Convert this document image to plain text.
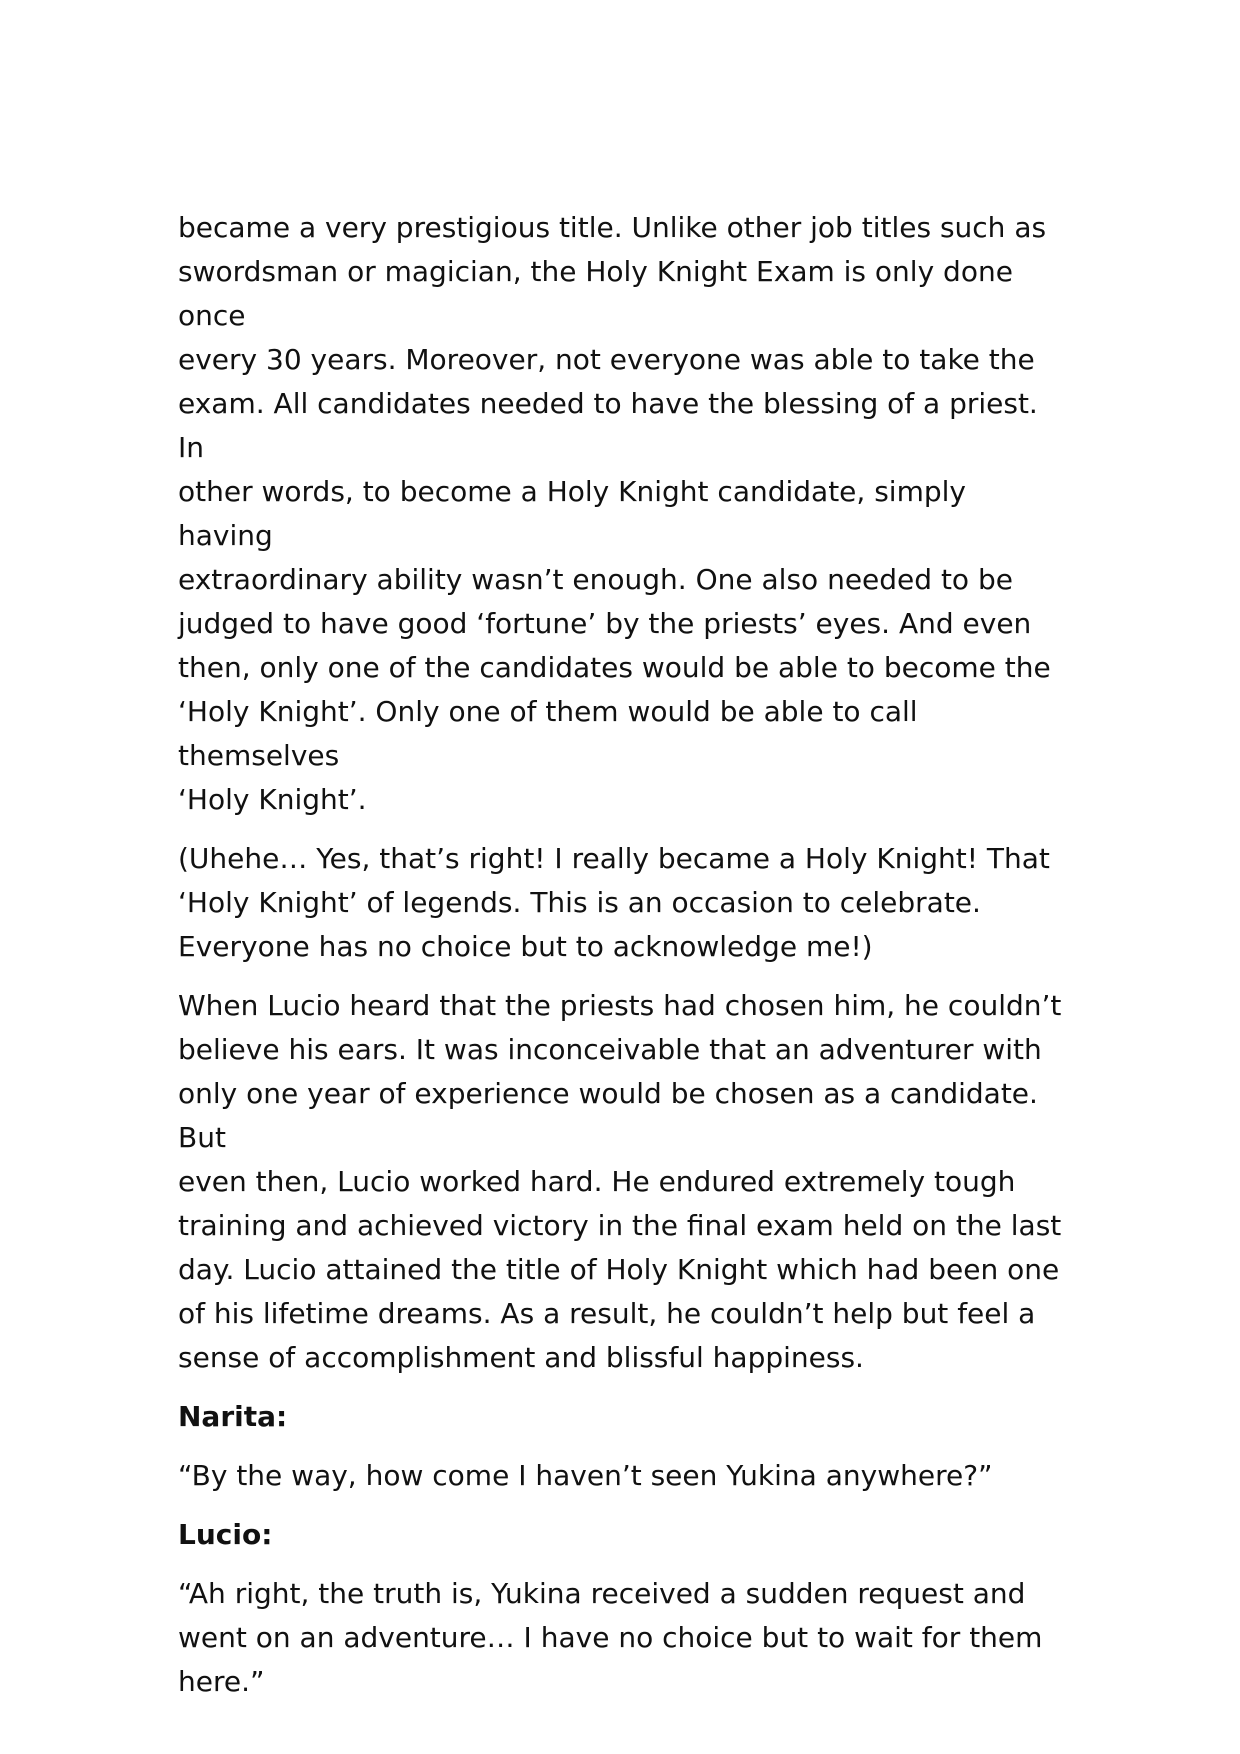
became a very prestigious title. Unlike other job titles such as
swordsman or magician, the Holy Knight Exam is only done once
every 30 years. Moreover, not everyone was able to take the
exam. All candidates needed to have the blessing of a priest. In
other words, to become a Holy Knight candidate, simply having
extraordinary ability wasn’t enough. One also needed to be
judged to have good ‘fortune’ by the priests’ eyes. And even
then, only one of the candidates would be able to become the
‘Holy Knight’. Only one of them would be able to call themselves
‘Holy Knight’.

(Uhehe… Yes, that’s right! I really became a Holy Knight! That
‘Holy Knight’ of legends. This is an occasion to celebrate.
Everyone has no choice but to acknowledge me!)

When Lucio heard that the priests had chosen him, he couldn’t
believe his ears. It was inconceivable that an adventurer with
only one year of experience would be chosen as a candidate. But
even then, Lucio worked hard. He endured extremely tough
training and achieved victory in the final exam held on the last
day. Lucio attained the title of Holy Knight which had been one
of his lifetime dreams. As a result, he couldn’t help but feel a
sense of accomplishment and blissful happiness.

Narita:

“By the way, how come I haven’t seen Yukina anywhere?”

Lucio:

“Ah right, the truth is, Yukina received a sudden request and
went on an adventure… I have no choice but to wait for them
here.”
